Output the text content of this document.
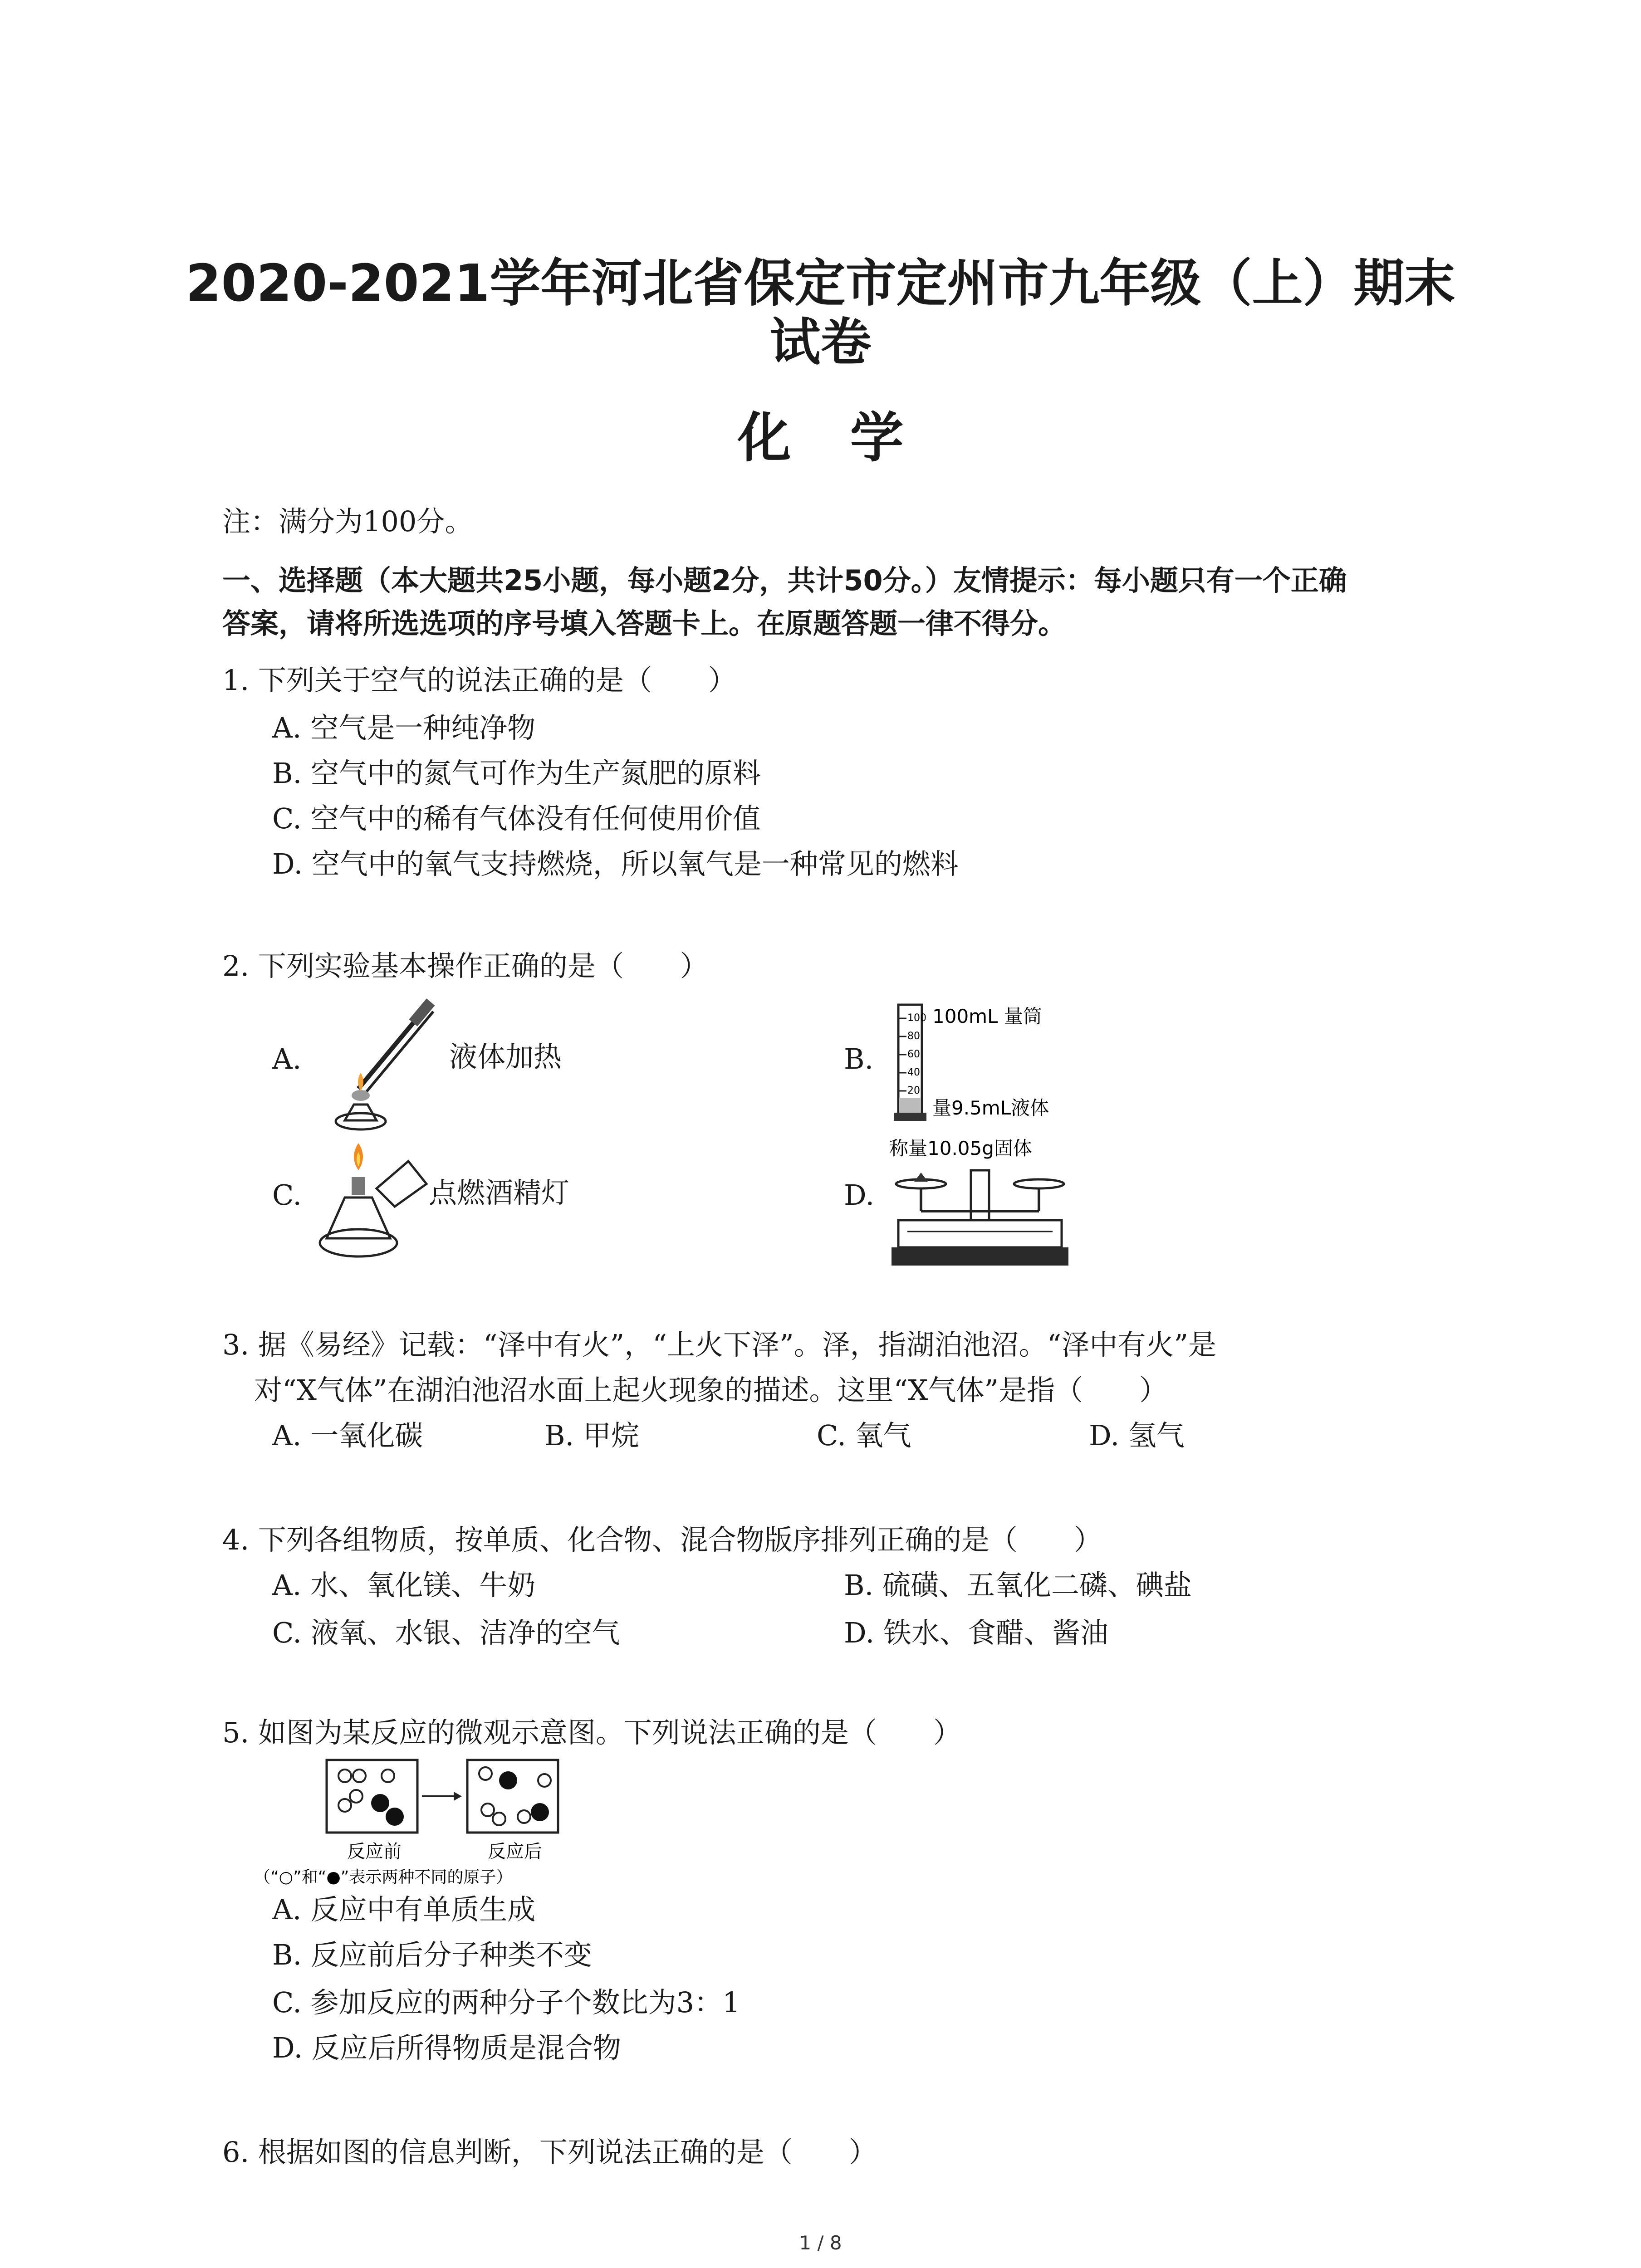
2020-2021学年河北省保定市定州市九年级（上）期末
试卷
化学
注：满分为100分。
一、选择题（本大题共25小题，每小题2分，共计50分。）友情提示：每小题只有一个正确
答案，请将所选选项的序号填入答题卡上。在原题答题一律不得分。
1. 下列关于空气的说法正确的是（　　）
A. 空气是一种纯净物
B. 空气中的氮气可作为生产氮肥的原料
C. 空气中的稀有气体没有任何使用价值
D. 空气中的氧气支持燃烧，所以氧气是一种常见的燃料
2. 下列实验基本操作正确的是（　　）
A.	液体加热	B.
100
80
60
40
20
100mL 量筒
量9.5mL液体
C.	点燃酒精灯	D.
称量10.05g固体
3. 据《易经》记载：“泽中有火”，“上火下泽”。泽，指湖泊池沼。“泽中有火”是
对“X气体”在湖泊池沼水面上起火现象的描述。这里“X气体”是指（　　）
A. 一氧化碳	B. 甲烷	C. 氧气	D. 氢气
4. 下列各组物质，按单质、化合物、混合物版序排列正确的是（　　）
A. 水、氧化镁、牛奶	B. 硫磺、五氧化二磷、碘盐
C. 液氧、水银、洁净的空气	D. 铁水、食醋、酱油
5. 如图为某反应的微观示意图。下列说法正确的是（　　）
反应前	反应后
（“○”和“●”表示两种不同的原子）
A. 反应中有单质生成
B. 反应前后分子种类不变
C. 参加反应的两种分子个数比为3：1
D. 反应后所得物质是混合物
6. 根据如图的信息判断，下列说法正确的是（　　）
1 / 8
